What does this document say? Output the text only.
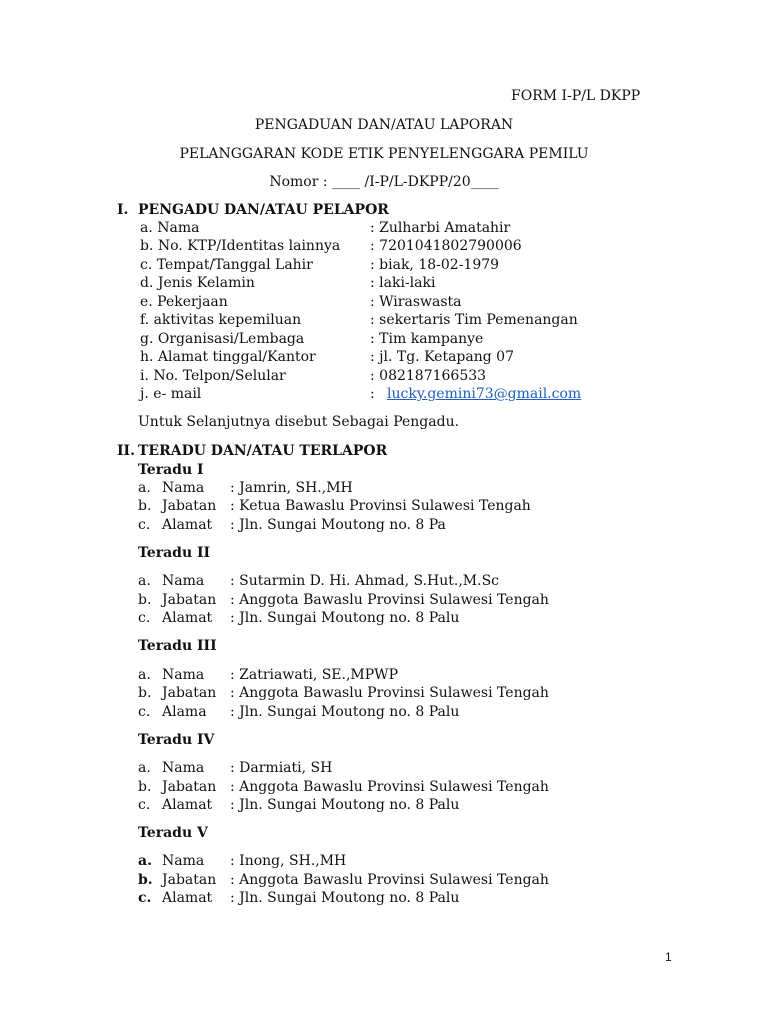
FORM I-P/L DKPP
PENGADUAN DAN/ATAU LAPORAN
PELANGGARAN KODE ETIK PENYELENGGARA PEMILU
Nomor : ____ /I-P/L-DKPP/20____
I. PENGADU DAN/ATAU PELAPOR
a. Nama	: Zulharbi Amatahir
b. No. KTP/Identitas lainnya : 7201041802790006
c. Tempat/Tanggal Lahir	: biak, 18-02-1979
d. Jenis Kelamin	: laki-laki
e. Pekerjaan	: Wiraswasta
f. aktivitas kepemiluan	: sekertaris Tim Pemenangan
g. Organisasi/Lembaga	: Tim kampanye
h. Alamat tinggal/Kantor	: jl. Tg. Ketapang 07
i. No. Telpon/Selular	: 082187166533
j. e- mail	: lucky.gemini73@gmail.com
Untuk Selanjutnya disebut Sebagai Pengadu.
II. TERADU DAN/ATAU TERLAPOR
Teradu I
a. Nama : Jamrin, SH.,MH
b. Jabatan : Ketua Bawaslu Provinsi Sulawesi Tengah
c. Alamat : Jln. Sungai Moutong no. 8 Pa
Teradu II
a. Nama : Sutarmin D. Hi. Ahmad, S.Hut.,M.Sc
b. Jabatan : Anggota Bawaslu Provinsi Sulawesi Tengah
c. Alamat : Jln. Sungai Moutong no. 8 Palu
Teradu III
a. Nama : Zatriawati, SE.,MPWP
b. Jabatan : Anggota Bawaslu Provinsi Sulawesi Tengah
c. Alama : Jln. Sungai Moutong no. 8 Palu
Teradu IV
a. Nama : Darmiati, SH
b. Jabatan : Anggota Bawaslu Provinsi Sulawesi Tengah
c. Alamat : Jln. Sungai Moutong no. 8 Palu
Teradu V
a. Nama : Inong, SH.,MH
b. Jabatan : Anggota Bawaslu Provinsi Sulawesi Tengah
c. Alamat : Jln. Sungai Moutong no. 8 Palu
1
